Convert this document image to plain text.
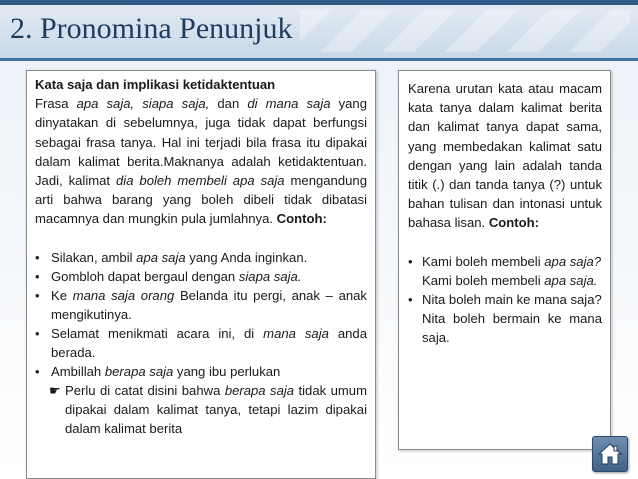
2. Pronomina Penunjuk

Kata saja dan implikasi ketidaktentuan

Frasa apa saja, siapa saja, dan di mana saja yang dinyatakan di sebelumnya, juga tidak dapat berfungsi sebagai frasa tanya. Hal ini terjadi bila frasa itu dipakai dalam kalimat berita.Maknanya adalah ketidaktentuan. Jadi, kalimat dia boleh membeli apa saja mengandung arti bahwa barang yang boleh dibeli tidak dibatasi macamnya dan mungkin pula jumlahnya. Contoh:

• Silakan, ambil apa saja yang Anda inginkan.
• Gombloh dapat bergaul dengan siapa saja.
• Ke mana saja orang Belanda itu pergi, anak – anak mengikutinya.
• Selamat menikmati acara ini, di mana saja anda berada.
• Ambillah berapa saja yang ibu perlukan
☛ Perlu di catat disini bahwa berapa saja tidak umum dipakai dalam kalimat tanya, tetapi lazim dipakai dalam kalimat berita

Karena urutan kata atau macam kata tanya dalam kalimat berita dan kalimat tanya dapat sama, yang membedakan kalimat satu dengan yang lain adalah tanda titik (.) dan tanda tanya (?) untuk bahan tulisan dan intonasi untuk bahasa lisan. Contoh:

• Kami boleh membeli apa saja?
Kami boleh membeli apa saja.
• Nita boleh main ke mana saja?
Nita boleh bermain ke mana saja.
